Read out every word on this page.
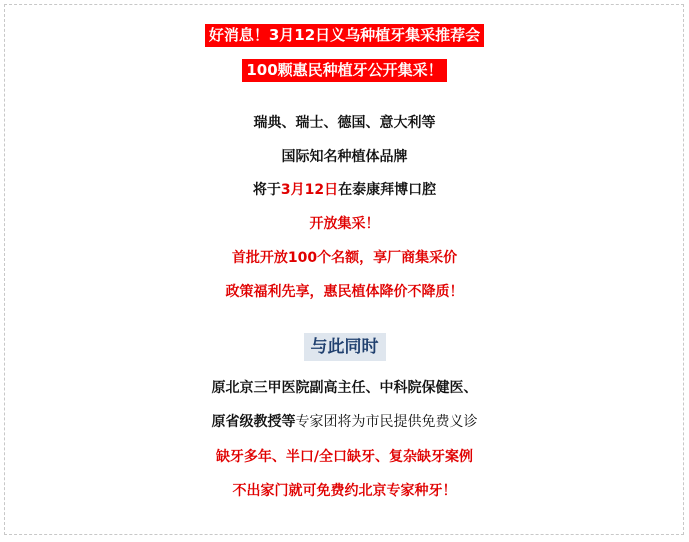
好消息！3月12日义乌种植牙集采推荐会
100颗惠民种植牙公开集采！
瑞典、瑞士、德国、意大利等
国际知名种植体品牌
将于3月12日在泰康拜博口腔
开放集采！
首批开放100个名额，享厂商集采价
政策福利先享，惠民植体降价不降质！
与此同时
原北京三甲医院副高主任、中科院保健医、
原省级教授等专家团将为市民提供免费义诊
缺牙多年、半口/全口缺牙、复杂缺牙案例
不出家门就可免费约北京专家种牙！
